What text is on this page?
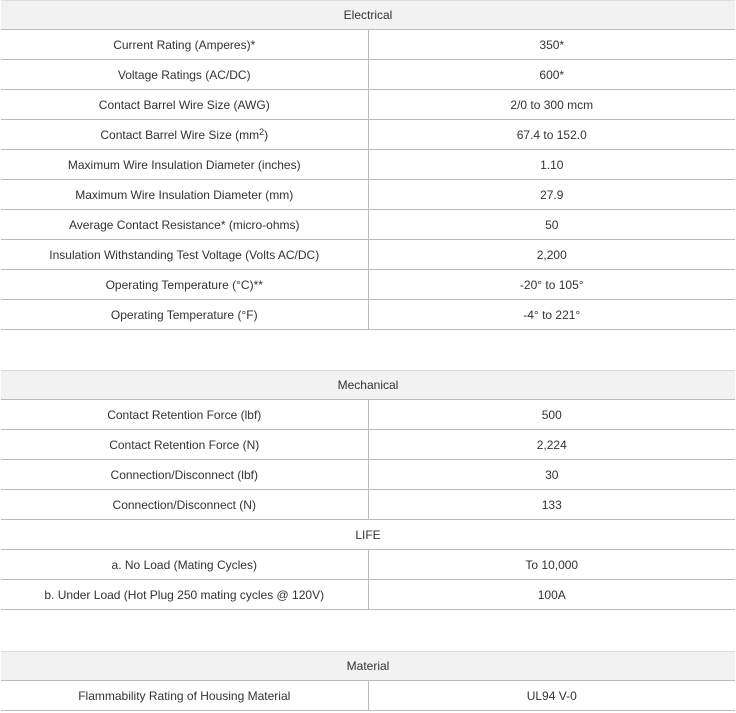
Electrical	
Current Rating (Amperes)*	350*
Voltage Ratings (AC/DC)	600*
Contact Barrel Wire Size (AWG)	2/0 to 300 mcm
Contact Barrel Wire Size $(mm^2)$	67.4 to 152.0
Maximum Wire Insulation Diameter (inches)	1.10
Maximum Wire Insulation Diameter (mm)	27.9
Average Contact Resistance* (micro-ohms)	50
Insulation Withstanding Test Voltage (Volts AC/DC)	2,200
Operating Temperature (°C)**	-20° to 105°
Operating Temperature (°F)	-4° to 221°
Mechanical	
Contact Retention Force (lbf)	500
Contact Retention Force (N)	2,224
Connection/Disconnect (lbf)	30
Connection/Disconnect (N)	133
LIFE	
a. No Load (Mating Cycles)	To 10,000
b. Under Load (Hot Plug 250 mating cycles @ 120V)	100A
Material
Flammability Rating of Housing Material	UL94 V-0
